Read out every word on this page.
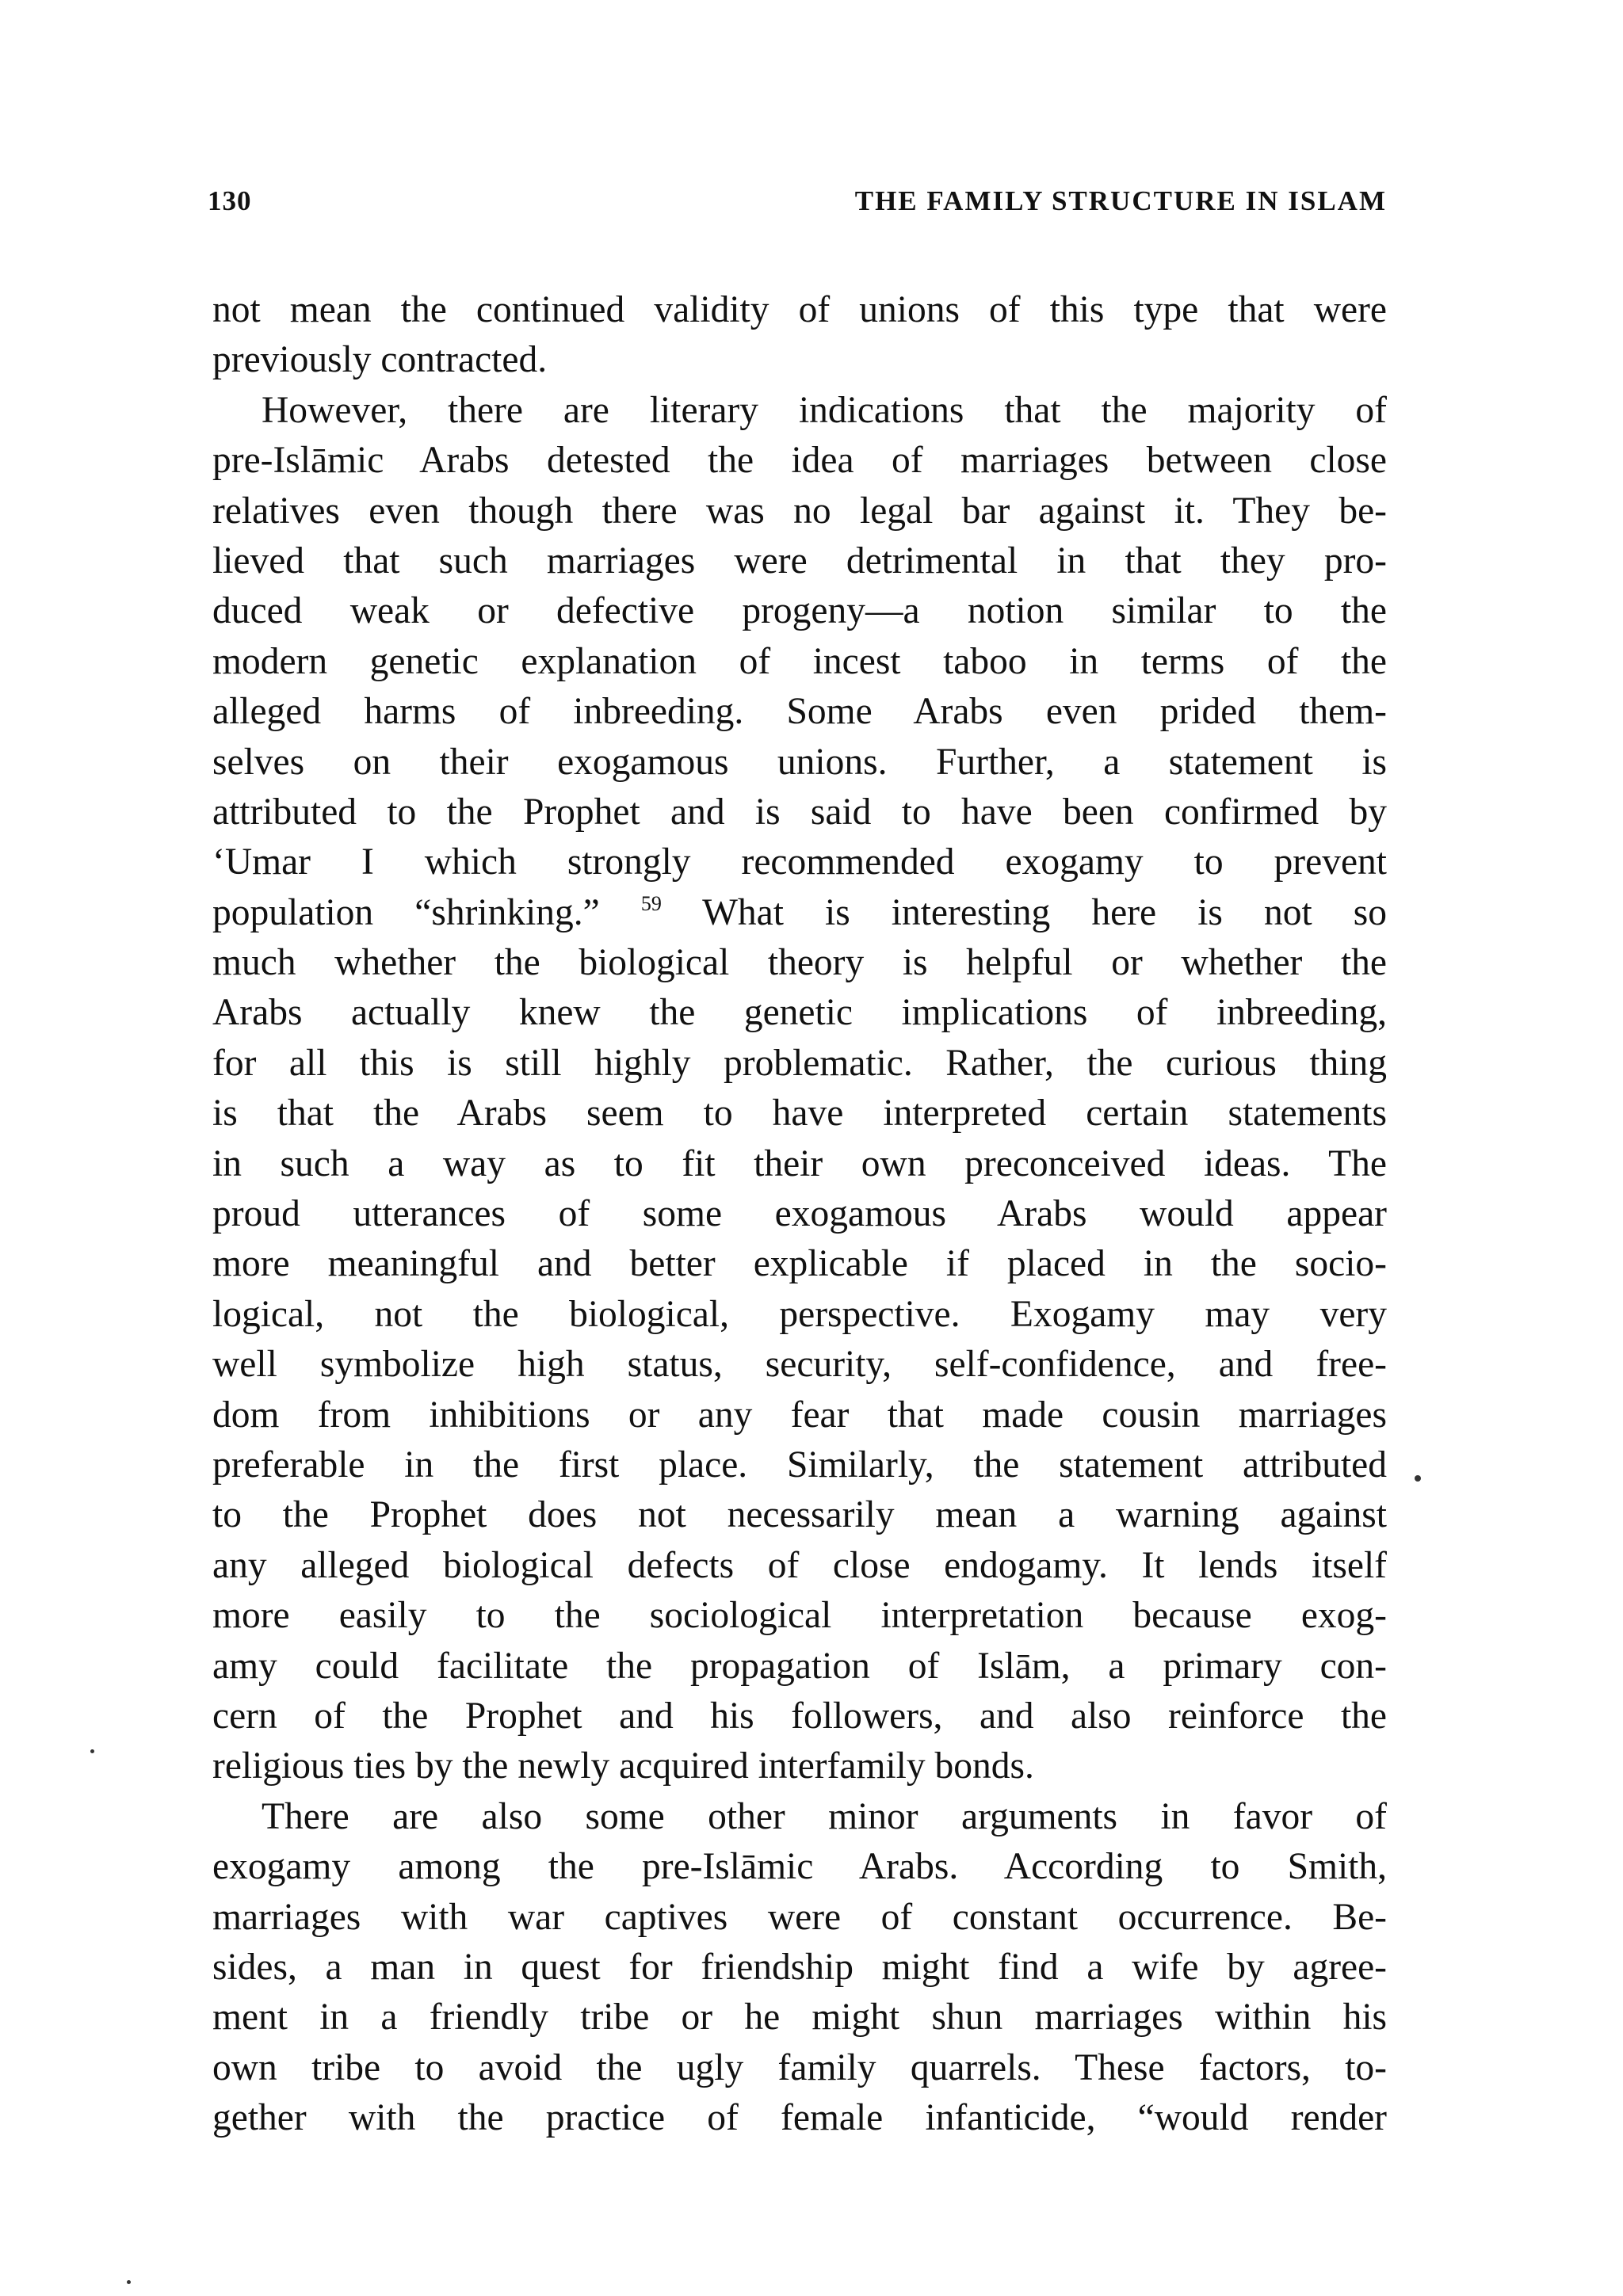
130	THE FAMILY STRUCTURE IN ISLAM
not mean the continued validity of unions of this type that were
previously contracted.
However, there are literary indications that the majority of
pre-Islāmic Arabs detested the idea of marriages between close
relatives even though there was no legal bar against it. They be-
lieved that such marriages were detrimental in that they pro-
duced weak or defective progeny—a notion similar to the
modern genetic explanation of incest taboo in terms of the
alleged harms of inbreeding. Some Arabs even prided them-
selves on their exogamous unions. Further, a statement is
attributed to the Prophet and is said to have been confirmed by
‘Umar I which strongly recommended exogamy to prevent
population “shrinking.” $^{59}$ What is interesting here is not so
much whether the biological theory is helpful or whether the
Arabs actually knew the genetic implications of inbreeding,
for all this is still highly problematic. Rather, the curious thing
is that the Arabs seem to have interpreted certain statements
in such a way as to fit their own preconceived ideas. The
proud utterances of some exogamous Arabs would appear
more meaningful and better explicable if placed in the socio-
logical, not the biological, perspective. Exogamy may very
well symbolize high status, security, self-confidence, and free-
dom from inhibitions or any fear that made cousin marriages
preferable in the first place. Similarly, the statement attributed
to the Prophet does not necessarily mean a warning against
any alleged biological defects of close endogamy. It lends itself
more easily to the sociological interpretation because exog-
amy could facilitate the propagation of Islām, a primary con-
cern of the Prophet and his followers, and also reinforce the
religious ties by the newly acquired interfamily bonds.
There are also some other minor arguments in favor of
exogamy among the pre-Islāmic Arabs. According to Smith,
marriages with war captives were of constant occurrence. Be-
sides, a man in quest for friendship might find a wife by agree-
ment in a friendly tribe or he might shun marriages within his
own tribe to avoid the ugly family quarrels. These factors, to-
gether with the practice of female infanticide, “would render
